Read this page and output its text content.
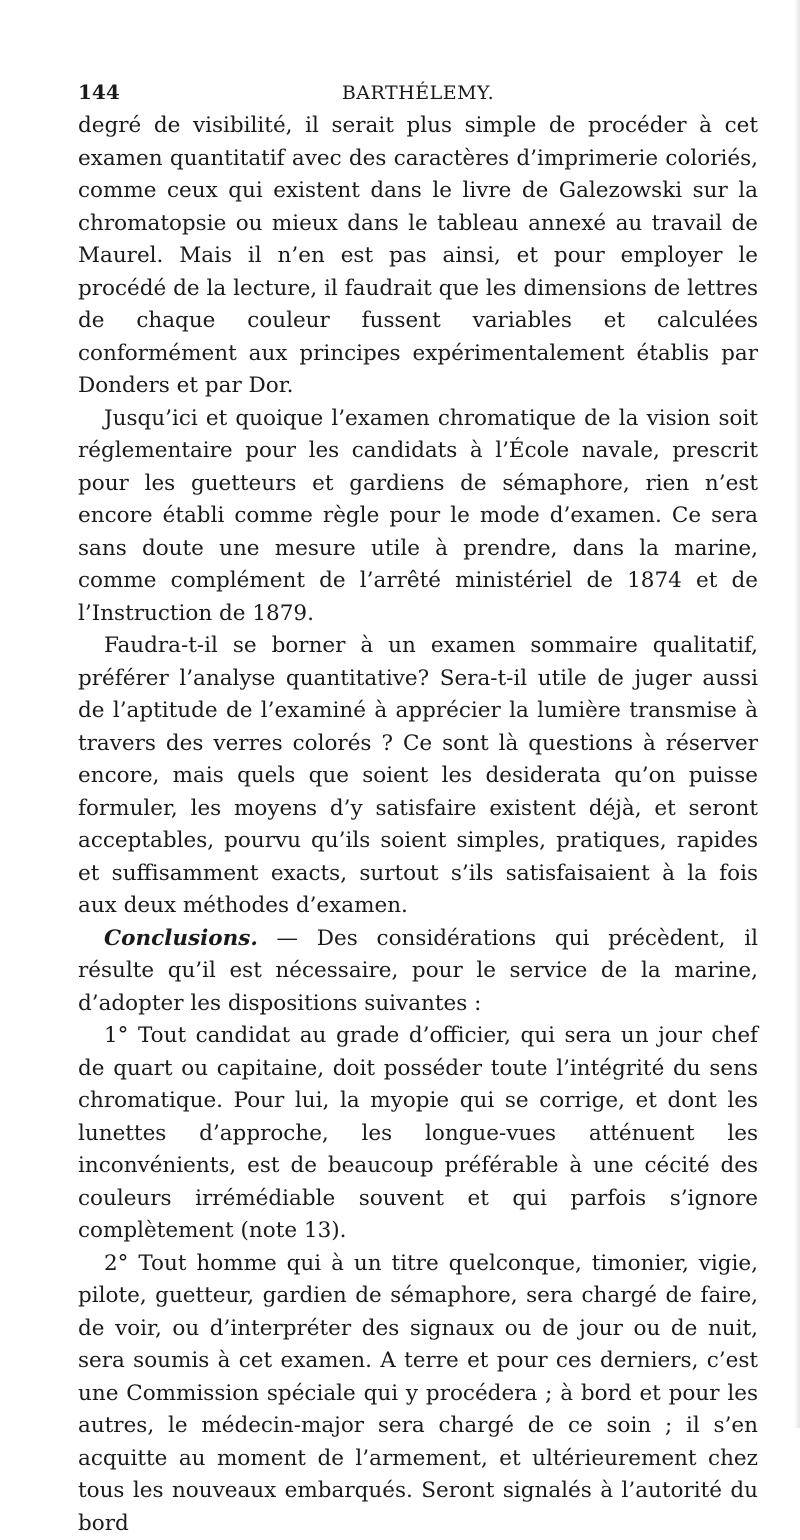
144	BARTHÉLEMY.

degré de visibilité, il serait plus simple de procéder à cet examen quantitatif avec des caractères d’imprimerie coloriés, comme ceux qui existent dans le livre de Galezowski sur la chromatopsie ou mieux dans le tableau annexé au travail de Maurel. Mais il n’en est pas ainsi, et pour employer le procédé de la lecture, il faudrait que les dimensions de lettres de chaque couleur fussent variables et calculées conformément aux principes expérimentalement établis par Donders et par Dor.

Jusqu’ici et quoique l’examen chromatique de la vision soit réglementaire pour les candidats à l’École navale, prescrit pour les guetteurs et gardiens de sémaphore, rien n’est encore établi comme règle pour le mode d’examen. Ce sera sans doute une mesure utile à prendre, dans la marine, comme complément de l’arrêté ministériel de 1874 et de l’Instruction de 1879.

Faudra-t-il se borner à un examen sommaire qualitatif, préférer l’analyse quantitative? Sera-t-il utile de juger aussi de l’aptitude de l’examiné à apprécier la lumière transmise à travers des verres colorés ? Ce sont là questions à réserver encore, mais quels que soient les desiderata qu’on puisse formuler, les moyens d’y satisfaire existent déjà, et seront acceptables, pourvu qu’ils soient simples, pratiques, rapides et suffisamment exacts, surtout s’ils satisfaisaient à la fois aux deux méthodes d’examen.

Conclusions. — Des considérations qui précèdent, il résulte qu’il est nécessaire, pour le service de la marine, d’adopter les dispositions suivantes :

1° Tout candidat au grade d’officier, qui sera un jour chef de quart ou capitaine, doit posséder toute l’intégrité du sens chromatique. Pour lui, la myopie qui se corrige, et dont les lunettes d’approche, les longue-vues atténuent les inconvénients, est de beaucoup préférable à une cécité des couleurs irrémédiable souvent et qui parfois s’ignore complètement (note 13).

2° Tout homme qui à un titre quelconque, timonier, vigie, pilote, guetteur, gardien de sémaphore, sera chargé de faire, de voir, ou d’interpréter des signaux ou de jour ou de nuit, sera soumis à cet examen. A terre et pour ces derniers, c’est une Commission spéciale qui y procédera ; à bord et pour les autres, le médecin-major sera chargé de ce soin ; il s’en acquitte au moment de l’armement, et ultérieurement chez tous les nouveaux embarqués. Seront signalés à l’autorité du bord
